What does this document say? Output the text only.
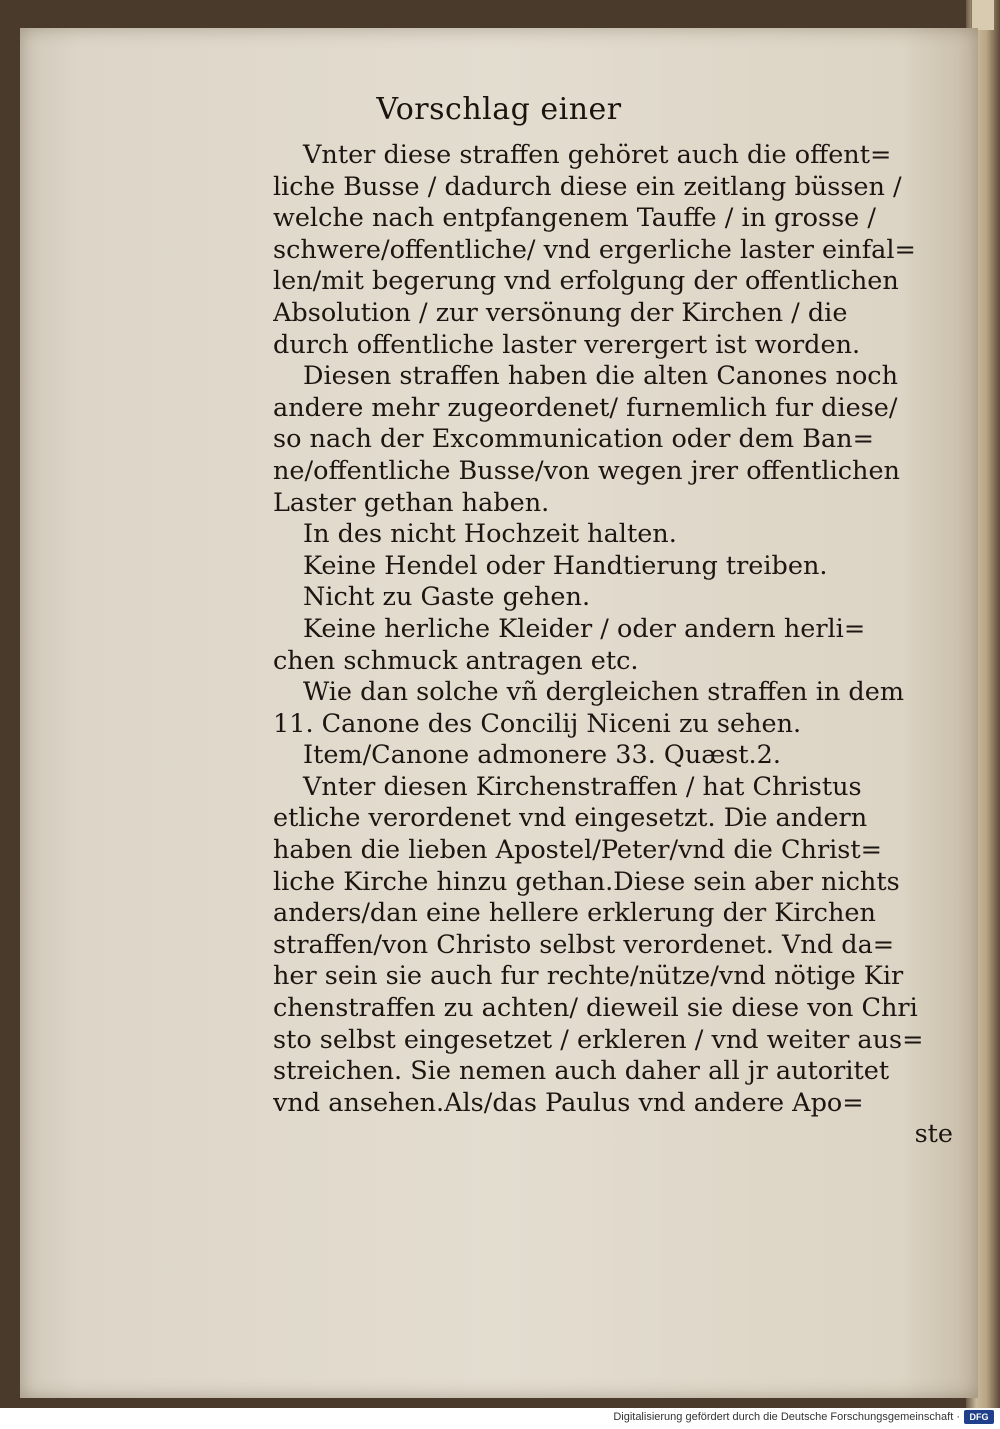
Vorschlag einer
Vnter diese straffen gehöret auch die offent=
liche Busse / dadurch diese ein zeitlang büssen /
welche nach entpfangenem Tauffe / in grosse /
schwere/offentliche/ vnd ergerliche laster einfal=
len/mit begerung vnd erfolgung der offentlichen
Absolution / zur versönung der Kirchen / die
durch offentliche laster verergert ist worden.
Diesen straffen haben die alten Canones noch
andere mehr zugeordenet/ furnemlich fur diese/
so nach der Excommunication oder dem Ban=
ne/offentliche Busse/von wegen jrer offentlichen
Laster gethan haben.
In des nicht Hochzeit halten.
Keine Hendel oder Handtierung treiben.
Nicht zu Gaste gehen.
Keine herliche Kleider / oder andern herli=
chen schmuck antragen etc.
Wie dan solche vñ dergleichen straffen in dem
11. Canone des Concilij Niceni zu sehen.
Item/Canone admonere 33. Quæst.2.
Vnter diesen Kirchenstraffen / hat Christus
etliche verordenet vnd eingesetzt. Die andern
haben die lieben Apostel/Peter/vnd die Christ=
liche Kirche hinzu gethan.Diese sein aber nichts
anders/dan eine hellere erklerung der Kirchen
straffen/von Christo selbst verordenet. Vnd da=
her sein sie auch fur rechte/nütze/vnd nötige Kir
chenstraffen zu achten/ dieweil sie diese von Chri
sto selbst eingesetzet / erkleren / vnd weiter aus=
streichen. Sie nemen auch daher all jr autoritet
vnd ansehen.Als/das Paulus vnd andere Apo=
ste
Digitalisierung gefördert durch die Deutsche Forschungsgemeinschaft ·	DFG
